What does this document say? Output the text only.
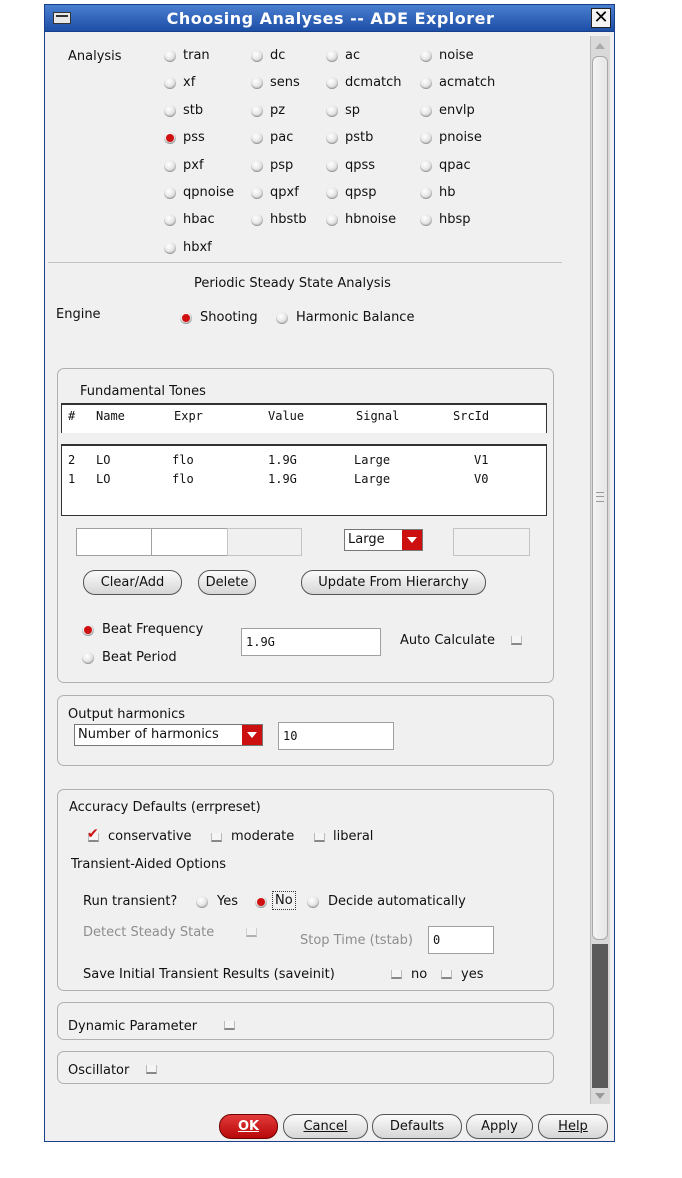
Choosing Analyses -- ADE Explorer	✕
Analysis	tran	dc	ac	noise
xf	sens	dcmatch	acmatch
stb	pz	sp	envlp
pss	pac	pstb	pnoise
pxf	psp	qpss	qpac
qpnoise	qpxf	qpsp	hb
hbac	hbstb	hbnoise	hbsp
hbxf
Periodic Steady State Analysis
Engine	Shooting	Harmonic Balance
Fundamental Tones
# Name	Expr	Value	Signal	SrcId
2 LO	flo	1.9G	Large	V1
1 LO	flo	1.9G	Large	V0
Large
Clear/Add	Delete	Update From Hierarchy
Beat Frequency
Beat Period
1.9G	Auto Calculate
Output harmonics
Number of harmonics	10
Accuracy Defaults (errpreset)
✔
conservative	moderate	liberal
Transient-Aided Options
Run transient?	Yes	No	Decide automatically
Detect Steady State
Stop Time (tstab)	0
Save Initial Transient Results (saveinit)	no	yes
Dynamic Parameter
Oscillator
OK	Cancel	Defaults	Apply	Help
